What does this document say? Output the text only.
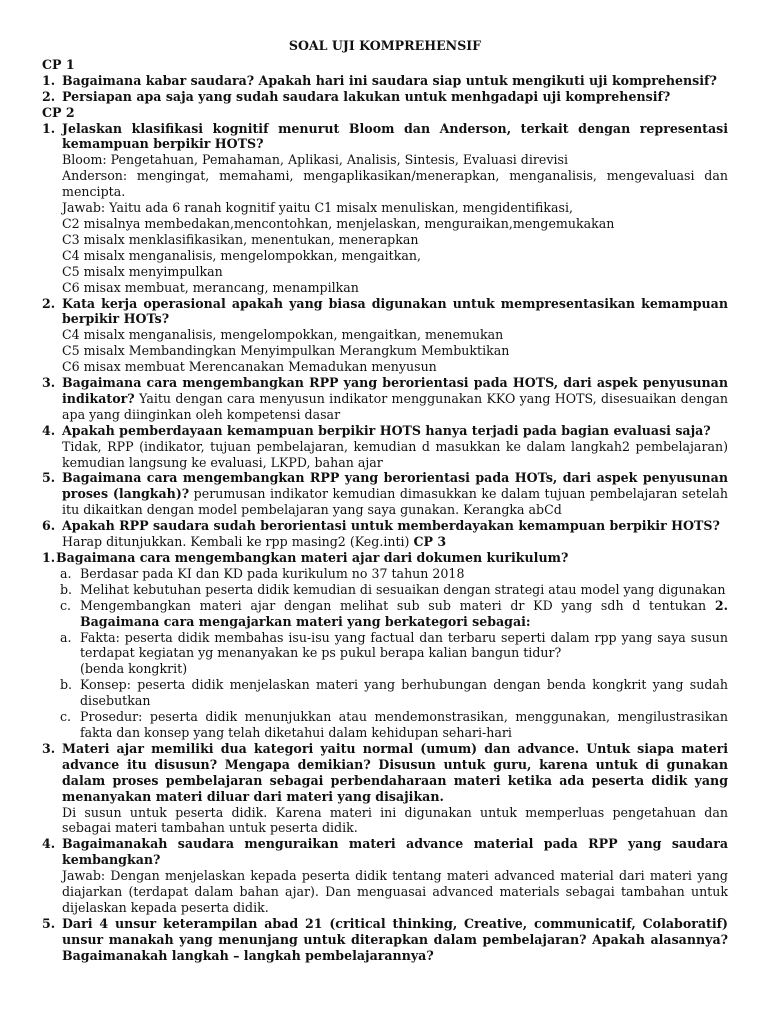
SOAL UJI KOMPREHENSIF

CP 1

1. Bagaimana kabar saudara? Apakah hari ini saudara siap untuk mengikuti uji komprehensif?
2. Persiapan apa saja yang sudah saudara lakukan untuk menhgadapi uji komprehensif?

CP 2

1. Jelaskan klasifikasi kognitif menurut Bloom dan Anderson, terkait dengan representasi kemampuan berpikir HOTS?
Bloom: Pengetahuan, Pemahaman, Aplikasi, Analisis, Sintesis, Evaluasi direvisi
Anderson: mengingat, memahami, mengaplikasikan/menerapkan, menganalisis, mengevaluasi dan mencipta.
Jawab: Yaitu ada 6 ranah kognitif yaitu C1 misalx menuliskan, mengidentifikasi,
C2 misalnya membedakan,mencontohkan, menjelaskan, menguraikan,mengemukakan
C3 misalx menklasifikasikan, menentukan, menerapkan
C4 misalx menganalisis, mengelompokkan, mengaitkan,
C5 misalx menyimpulkan
C6 misax membuat, merancang, menampilkan
2. Kata kerja operasional apakah yang biasa digunakan untuk mempresentasikan kemampuan berpikir HOTs?
C4 misalx menganalisis, mengelompokkan, mengaitkan, menemukan
C5 misalx Membandingkan Menyimpulkan Merangkum Membuktikan
C6 misax membuat Merencanakan Memadukan menyusun
3. Bagaimana cara mengembangkan RPP yang berorientasi pada HOTS, dari aspek penyusunan indikator? Yaitu dengan cara menyusun indikator menggunakan KKO yang HOTS, disesuaikan dengan apa yang diinginkan oleh kompetensi dasar
4. Apakah pemberdayaan kemampuan berpikir HOTS hanya terjadi pada bagian evaluasi saja?
Tidak, RPP (indikator, tujuan pembelajaran, kemudian d masukkan ke dalam langkah2 pembelajaran) kemudian langsung ke evaluasi, LKPD, bahan ajar
5. Bagaimana cara mengembangkan RPP yang berorientasi pada HOTs, dari aspek penyusunan proses (langkah)? perumusan indikator kemudian dimasukkan ke dalam tujuan pembelajaran setelah itu dikaitkan dengan model pembelajaran yang saya gunakan. Kerangka abCd
6. Apakah RPP saudara sudah berorientasi untuk memberdayakan kemampuan berpikir HOTS?
Harap ditunjukkan. Kembali ke rpp masing2 (Keg.inti) CP 3
1. Bagaimana cara mengembangkan materi ajar dari dokumen kurikulum?
a. Berdasar pada KI dan KD pada kurikulum no 37 tahun 2018
b. Melihat kebutuhan peserta didik kemudian di sesuaikan dengan strategi atau model yang digunakan
c. Mengembangkan materi ajar dengan melihat sub sub materi dr KD yang sdh d tentukan 2. Bagaimana cara mengajarkan materi yang berkategori sebagai:
a. Fakta: peserta didik membahas isu-isu yang factual dan terbaru seperti dalam rpp yang saya susun terdapat kegiatan yg menanyakan ke ps pukul berapa kalian bangun tidur?
(benda kongkrit)
b. Konsep: peserta didik menjelaskan materi yang berhubungan dengan benda kongkrit yang sudah disebutkan
c. Prosedur: peserta didik menunjukkan atau mendemonstrasikan, menggunakan, mengilustrasikan fakta dan konsep yang telah diketahui dalam kehidupan sehari-hari
3. Materi ajar memiliki dua kategori yaitu normal (umum) dan advance. Untuk siapa materi advance itu disusun? Mengapa demikian? Disusun untuk guru, karena untuk di gunakan dalam proses pembelajaran sebagai perbendaharaan materi ketika ada peserta didik yang menanyakan materi diluar dari materi yang disajikan.
Di susun untuk peserta didik. Karena materi ini digunakan untuk memperluas pengetahuan dan sebagai materi tambahan untuk peserta didik.
4. Bagaimanakah saudara menguraikan materi advance material pada RPP yang saudara kembangkan?
Jawab: Dengan menjelaskan kepada peserta didik tentang materi advanced material dari materi yang diajarkan (terdapat dalam bahan ajar). Dan menguasai advanced materials sebagai tambahan untuk dijelaskan kepada peserta didik.
5. Dari 4 unsur keterampilan abad 21 (critical thinking, Creative, communicatif, Colaboratif) unsur manakah yang menunjang untuk diterapkan dalam pembelajaran? Apakah alasannya? Bagaimanakah langkah – langkah pembelajarannya?
